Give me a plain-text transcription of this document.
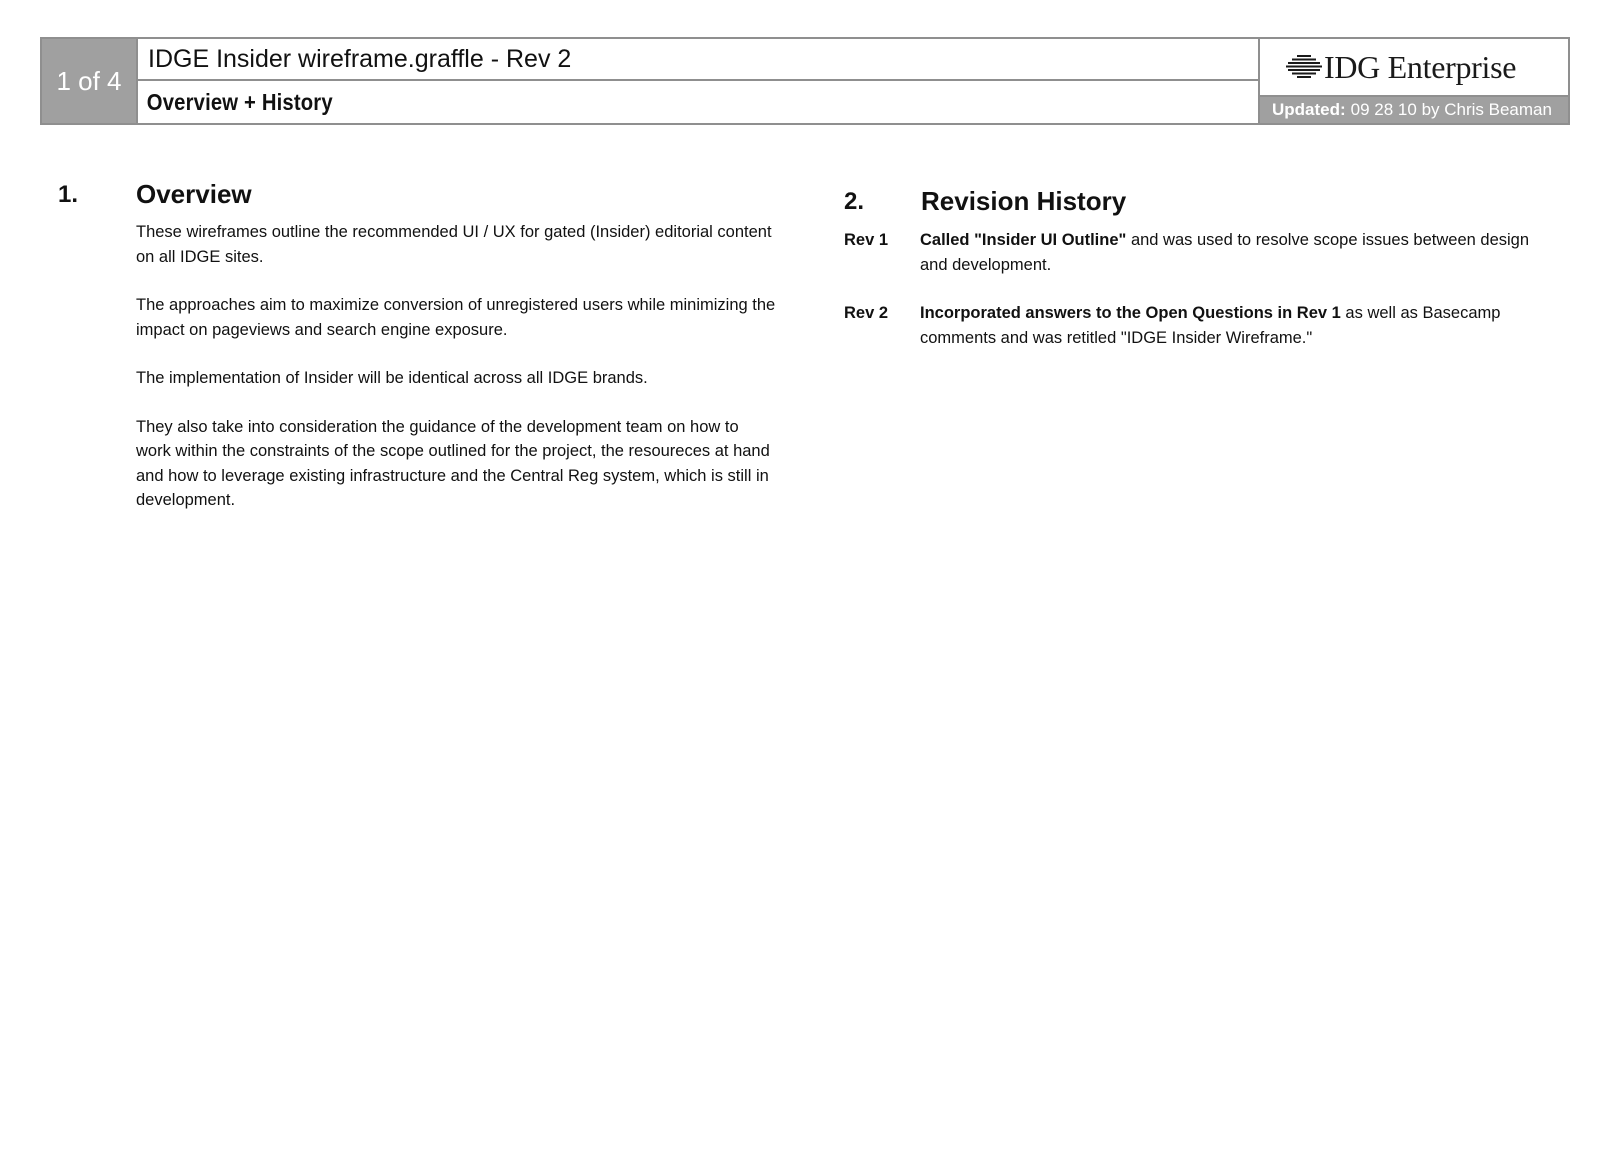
1 of 4
IDGE Insider wireframe.graffle - Rev 2
Overview + History
IDG Enterprise
Updated: 09 28 10 by Chris Beaman
1. Overview

These wireframes outline the recommended UI / UX for gated (Insider) editorial content on all IDGE sites.

The approaches aim to maximize conversion of unregistered users while minimizing the impact on pageviews and search engine exposure.

The implementation of Insider will be identical across all IDGE brands.

They also take into consideration the guidance of the development team on how to work within the constraints of the scope outlined for the project, the resoureces at hand and how to leverage existing infrastructure and the Central Reg system, which is still in development.

2. Revision History
Rev 1 Called "Insider UI Outline" and was used to resolve scope issues between design and development.
Rev 2 Incorporated answers to the Open Questions in Rev 1 as well as Basecamp comments and was retitled "IDGE Insider Wireframe."
